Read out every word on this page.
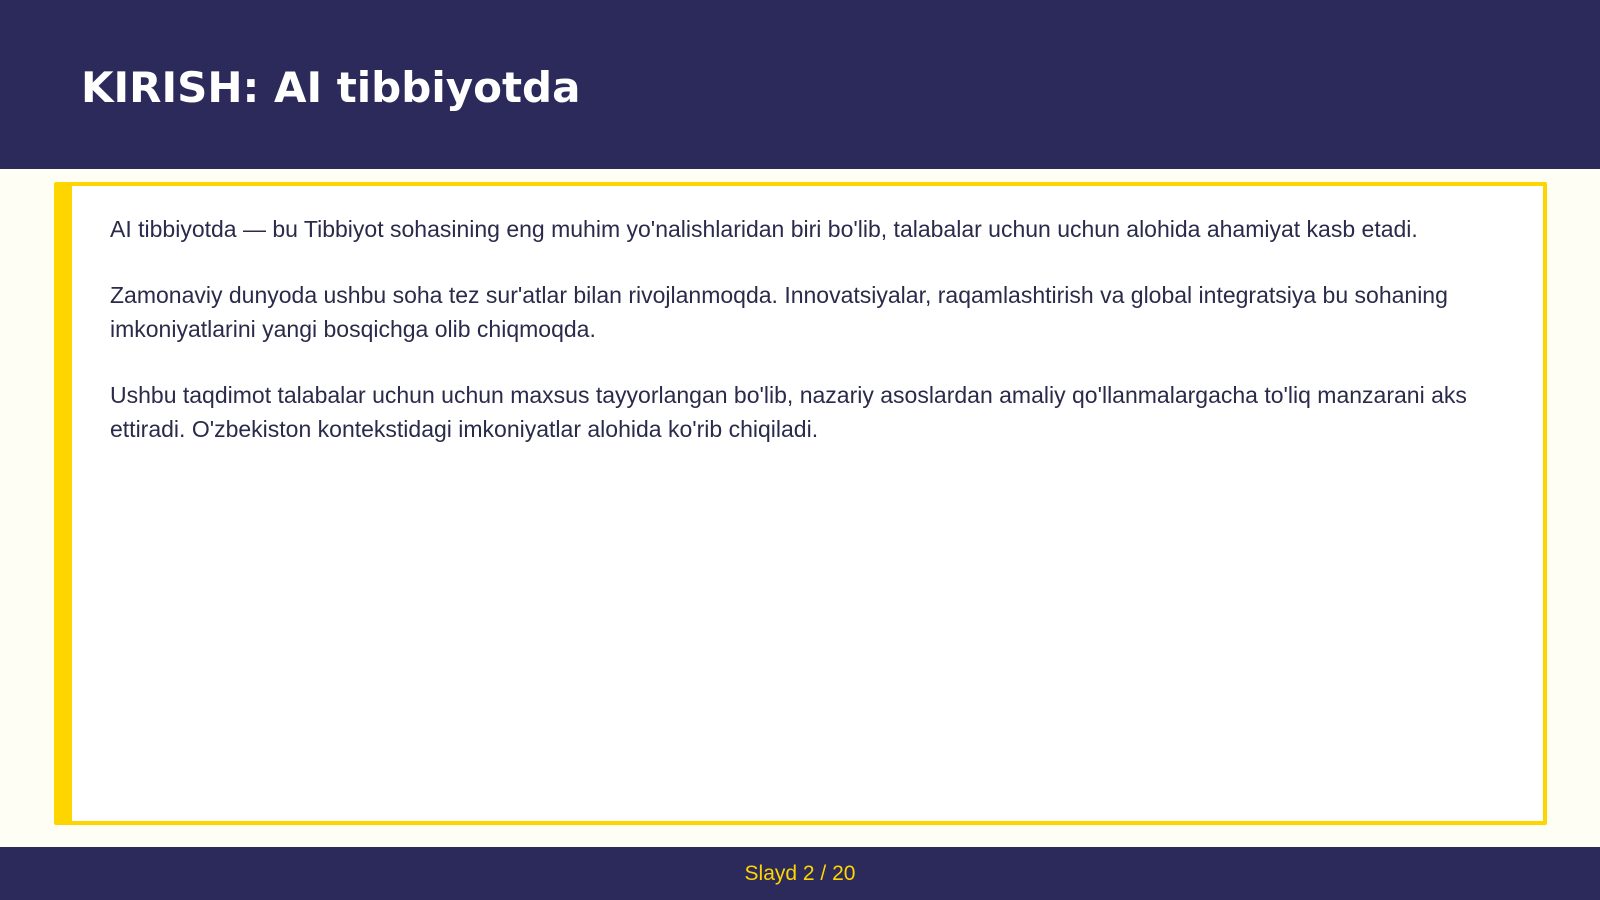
KIRISH: AI tibbiyotda

AI tibbiyotda — bu Tibbiyot sohasining eng muhim yo'nalishlaridan biri bo'lib, talabalar uchun uchun alohida ahamiyat kasb etadi.

Zamonaviy dunyoda ushbu soha tez sur'atlar bilan rivojlanmoqda. Innovatsiyalar, raqamlashtirish va global integratsiya bu sohaning imkoniyatlarini yangi bosqichga olib chiqmoqda.

Ushbu taqdimot talabalar uchun uchun maxsus tayyorlangan bo'lib, nazariy asoslardan amaliy qo'llanmalargacha to'liq manzarani aks ettiradi. O'zbekiston kontekstidagi imkoniyatlar alohida ko'rib chiqiladi.

Slayd 2 / 20
